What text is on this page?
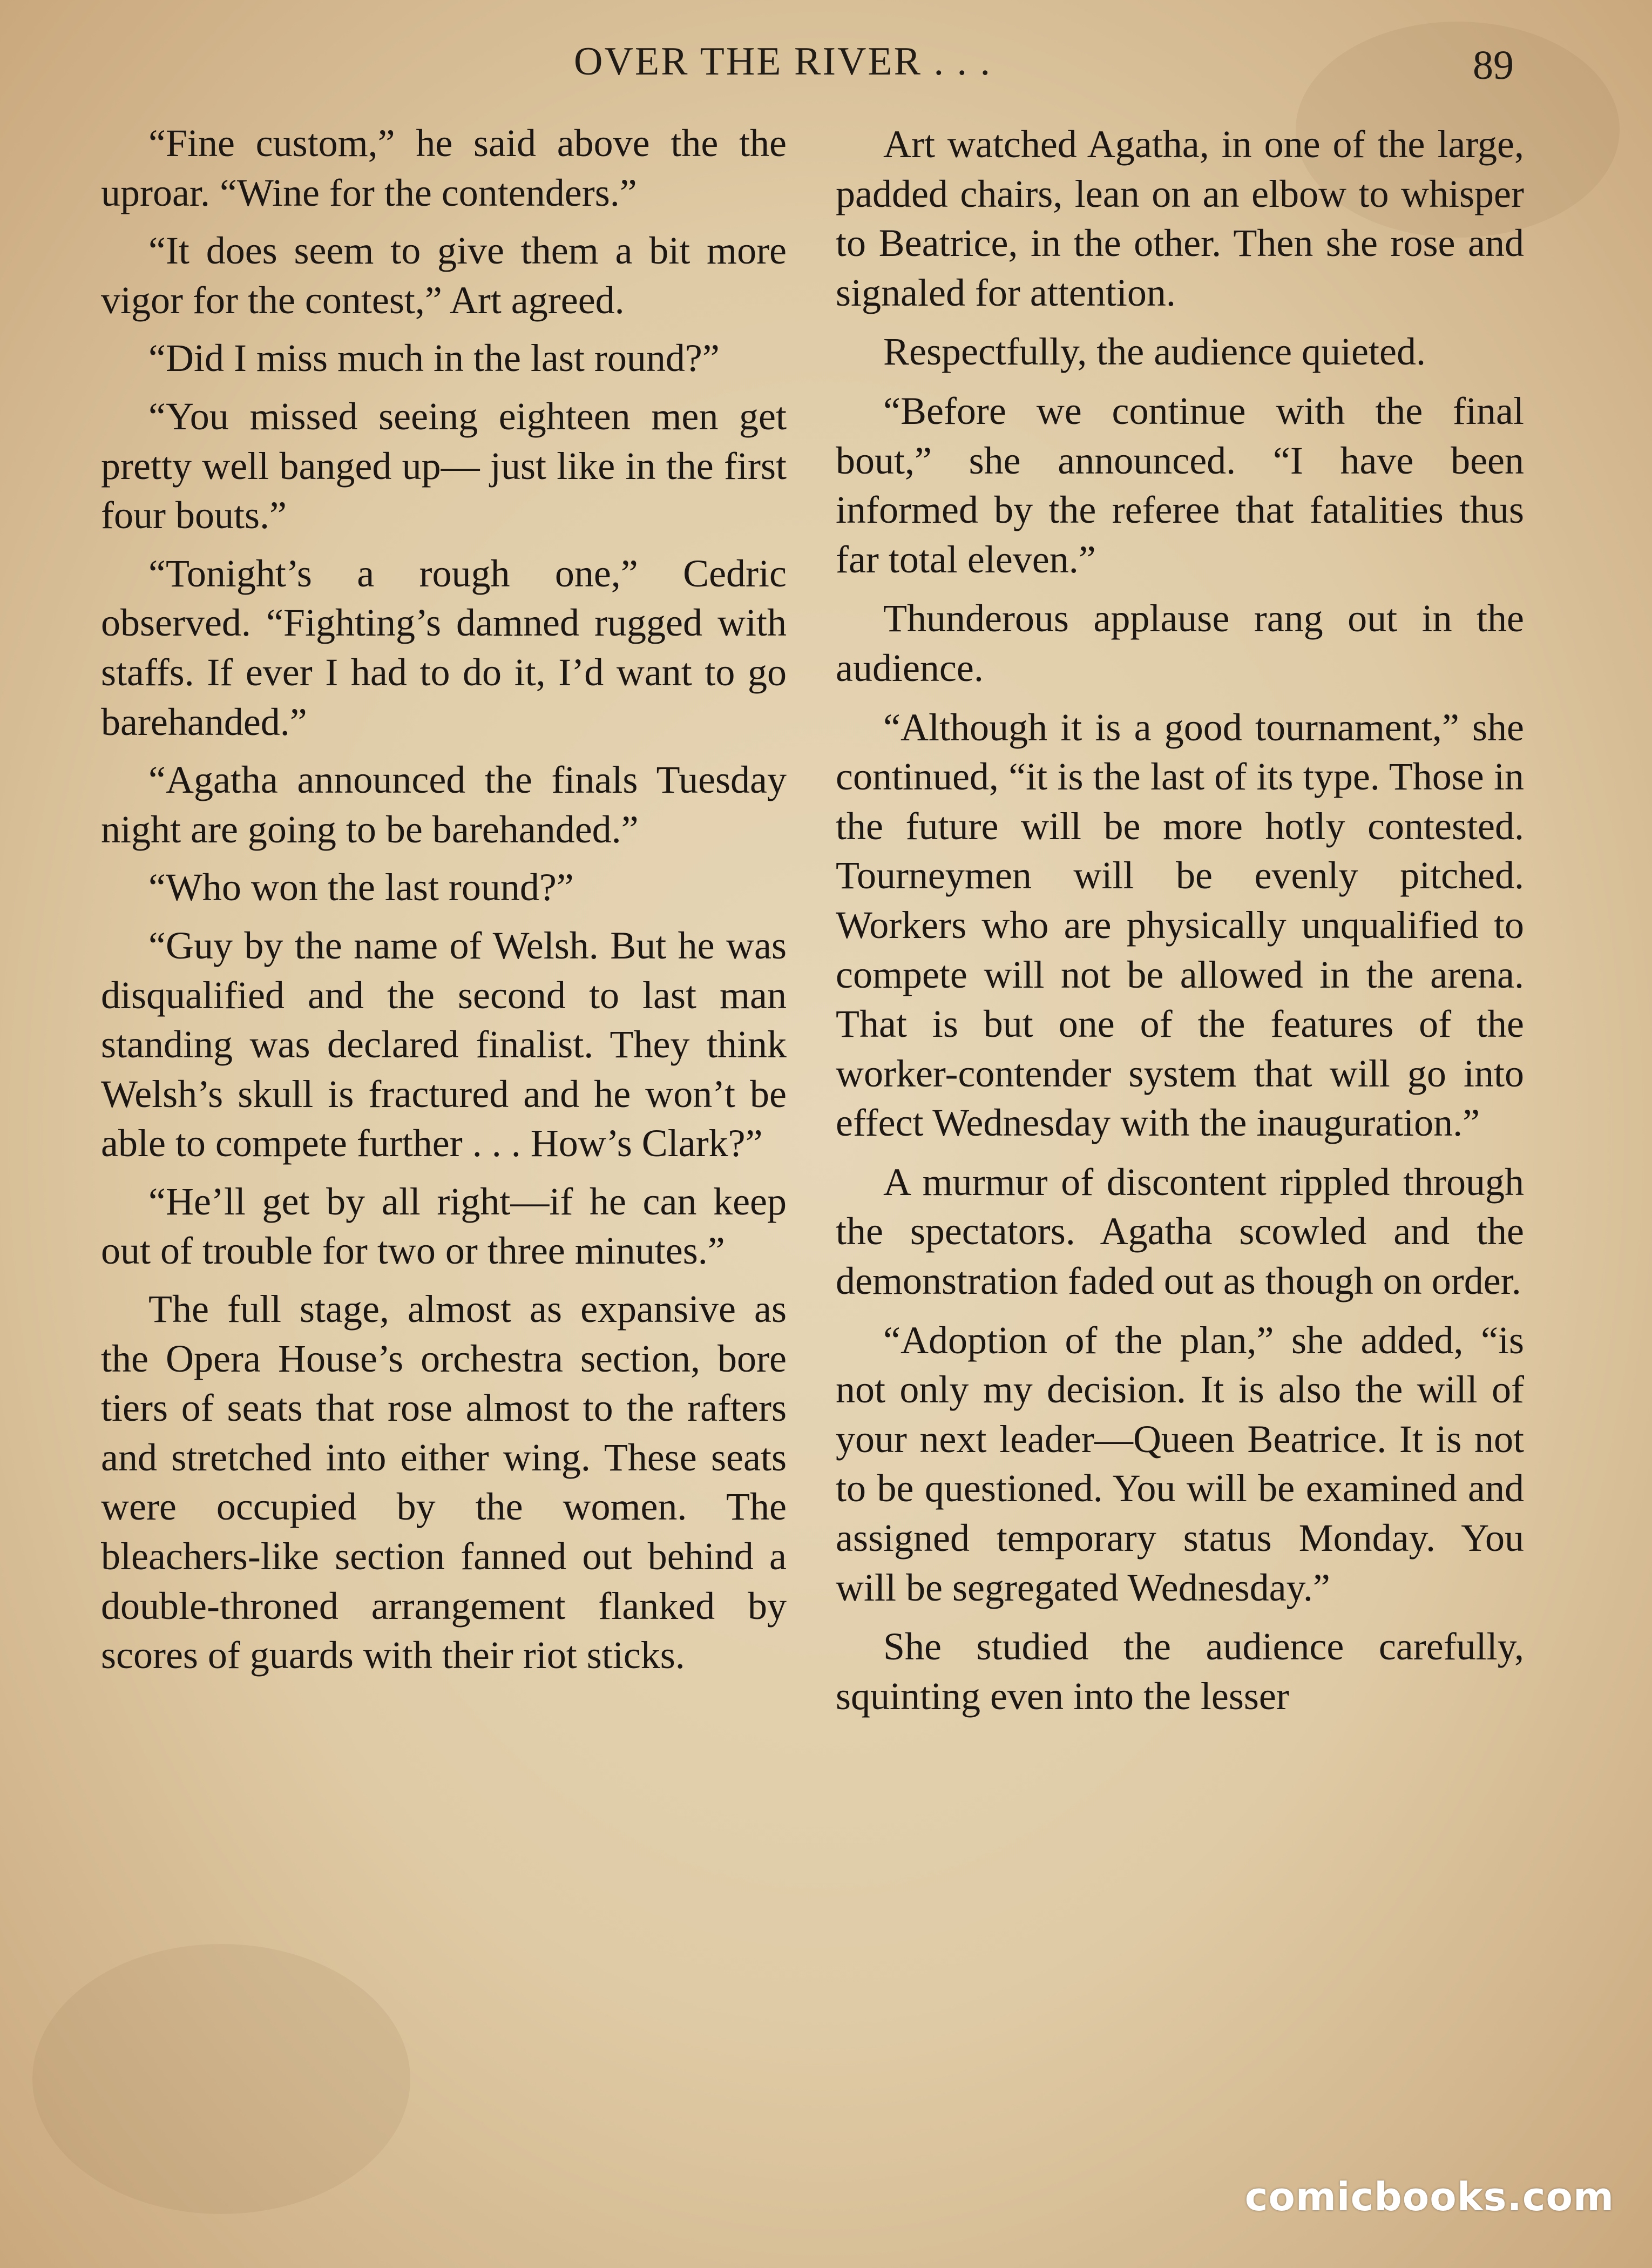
OVER THE RIVER . . .	89

“Fine custom,” he said above the the uproar. “Wine for the contenders.”

“It does seem to give them a bit more vigor for the contest,” Art agreed.

“Did I miss much in the last round?”

“You missed seeing eighteen men get pretty well banged up— just like in the first four bouts.”

“Tonight’s a rough one,” Cedric observed. “Fighting’s damned rugged with staffs. If ever I had to do it, I’d want to go barehanded.”

“Agatha announced the finals Tuesday night are going to be barehanded.”

“Who won the last round?”

“Guy by the name of Welsh. But he was disqualified and the second to last man standing was declared finalist. They think Welsh’s skull is fractured and he won’t be able to compete further . . . How’s Clark?”

“He’ll get by all right—if he can keep out of trouble for two or three minutes.”

The full stage, almost as expansive as the Opera House’s orchestra section, bore tiers of seats that rose almost to the rafters and stretched into either wing. These seats were occupied by the women. The bleachers-like section fanned out behind a double-throned arrangement flanked by scores of guards with their riot sticks.

Art watched Agatha, in one of the large, padded chairs, lean on an elbow to whisper to Beatrice, in the other. Then she rose and signaled for attention.

Respectfully, the audience quieted.

“Before we continue with the final bout,” she announced. “I have been informed by the referee that fatalities thus far total eleven.”

Thunderous applause rang out in the audience.

“Although it is a good tournament,” she continued, “it is the last of its type. Those in the future will be more hotly contested. Tourneymen will be evenly pitched. Workers who are physically unqualified to compete will not be allowed in the arena. That is but one of the features of the worker-contender system that will go into effect Wednesday with the inauguration.”

A murmur of discontent rippled through the spectators. Agatha scowled and the demonstration faded out as though on order.

“Adoption of the plan,” she added, “is not only my decision. It is also the will of your next leader—Queen Beatrice. It is not to be questioned. You will be examined and assigned temporary status Monday. You will be segregated Wednesday.”

She studied the audience carefully, squinting even into the lesser

comicbooks.com
